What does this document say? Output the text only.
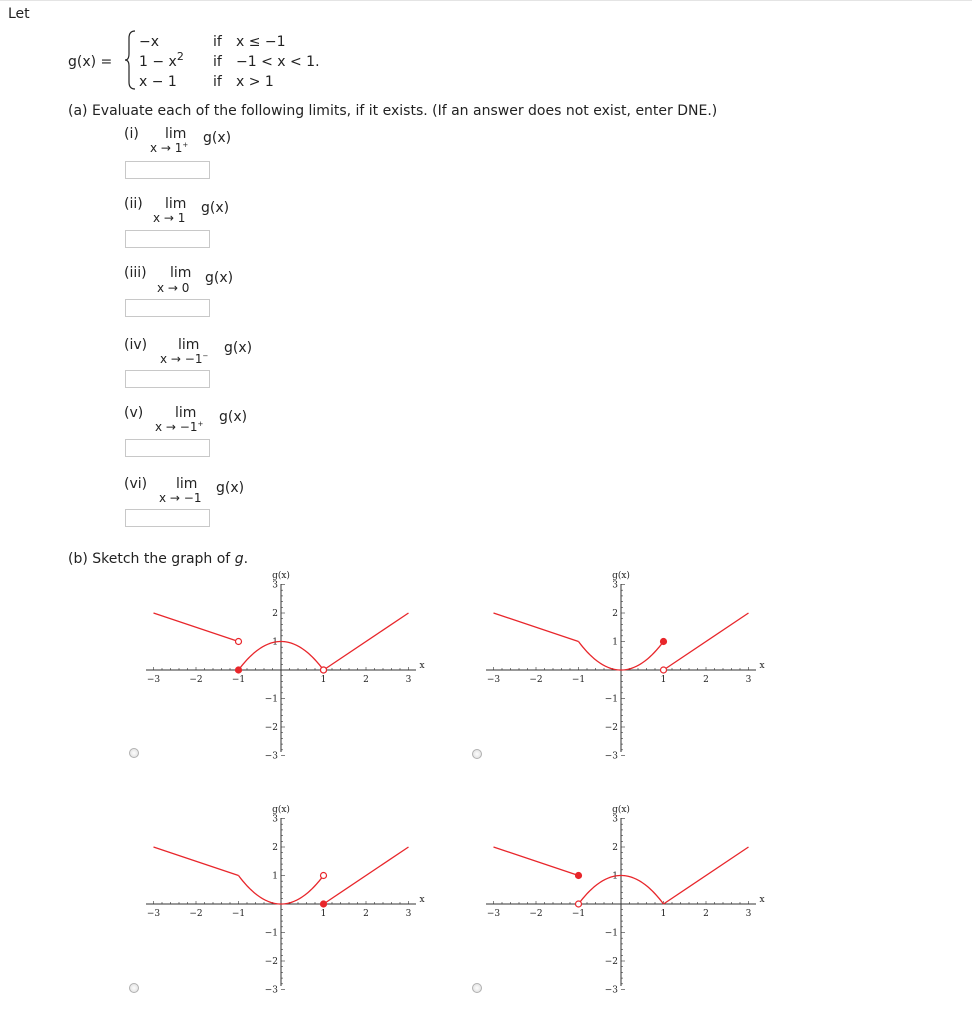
Let
g(x) =
−x	if x ≤ −1
$1 - x^2$ if −1 < x < 1.
x − 1	if x > 1
(a) Evaluate each of the following limits, if it exists. (If an answer does not exist, enter DNE.)
(i) lim
x → 1+ g(x)
(ii) lim
x → 1
g(x)
(iii) lim
x → 0
g(x)
(iv) lim
x → −1− g(x)
(v) lim
x → −1+ g(x)
(vi) lim
x → −1
g(x)
(b) Sketch the graph of g.
−3	−2	−1	1	2	3
3
2
1
−1
−2
−3
g(x)
x
−3	−2	−1	1	2	3
3
2
1
−1
−2
−3
g(x)
x
−3	−2	−1	1	2	3
3
2
1
−1
−2
−3
g(x)
x
−3	−2	−1	1	2	3
3
2
1
−1
−2
−3
g(x)
x
